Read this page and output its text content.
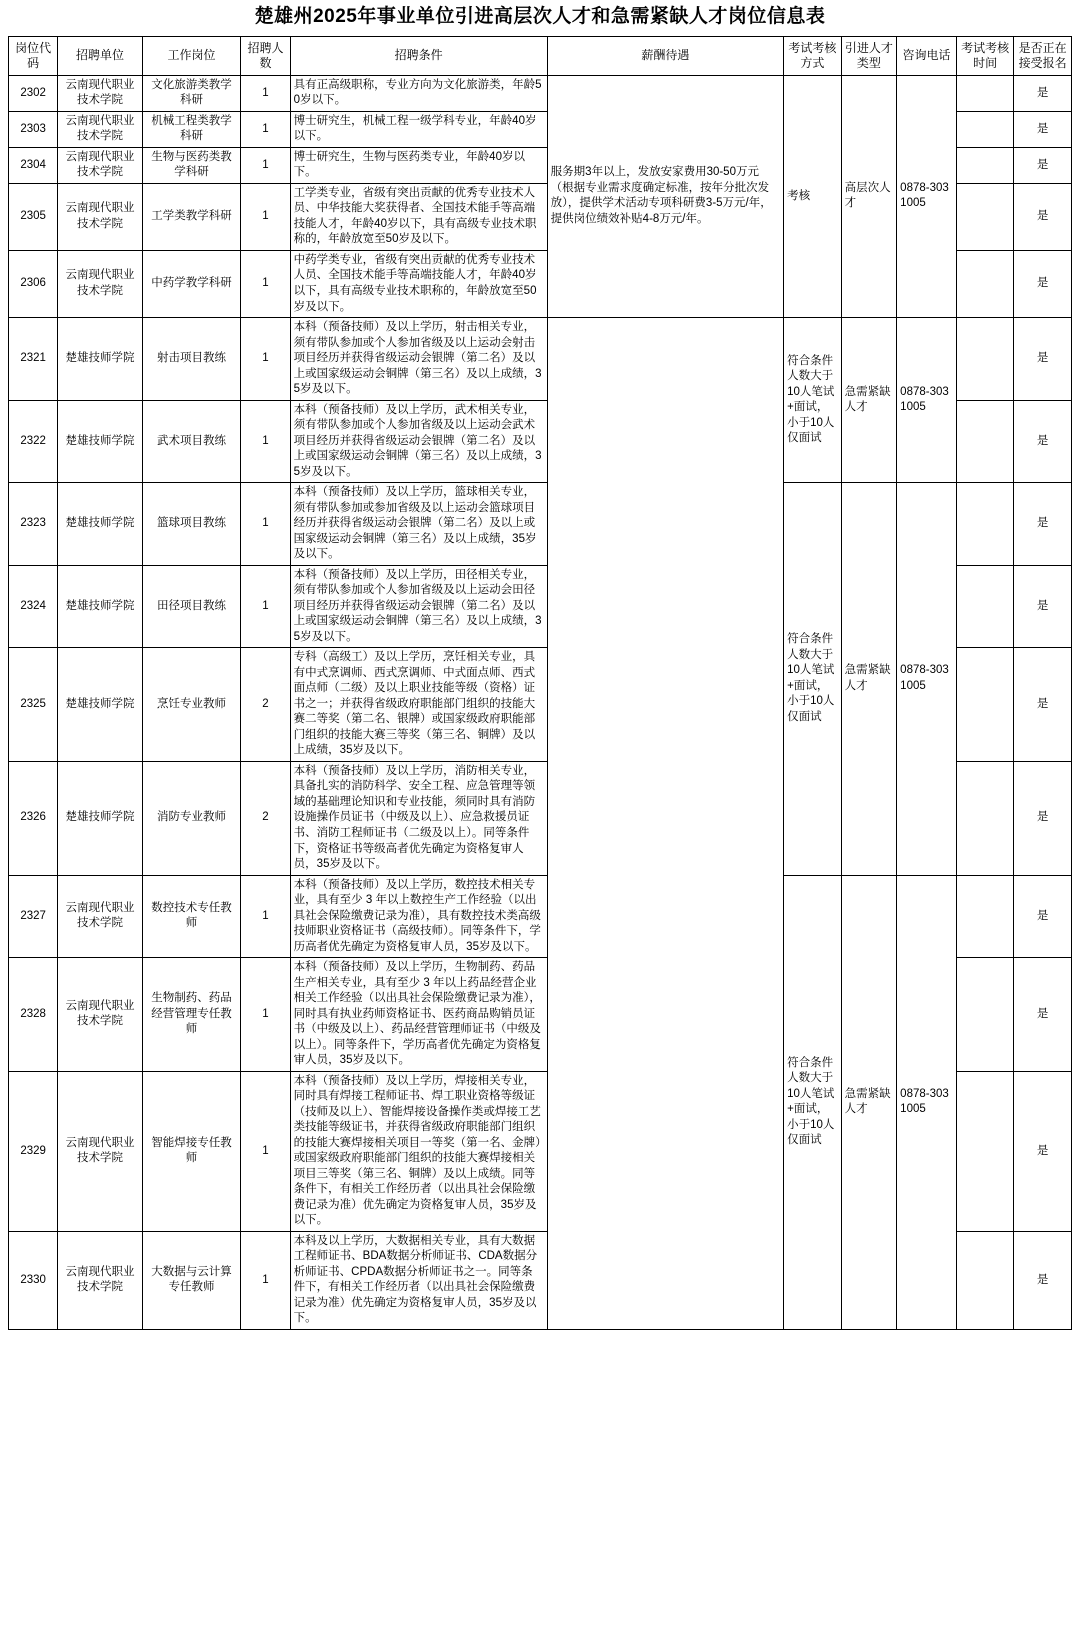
楚雄州2025年事业单位引进高层次人才和急需紧缺人才岗位信息表
岗位代码	招聘单位	工作岗位	招聘人数	招聘条件	薪酬待遇	考试考核方式	引进人才类型	咨询电话	考试考核时间	是否正在接受报名
2302	云南现代职业技术学院	文化旅游类教学科研	1	具有正高级职称，专业方向为文化旅游类，年龄50岁以下。	服务期3年以上，发放安家费用30-50万元（根据专业需求度确定标准，按年分批次发放），提供学术活动专项科研费3-5万元/年，提供岗位绩效补贴4-8万元/年。	考核	高层次人才	0878-3031005		是
2303	云南现代职业技术学院	机械工程类教学科研	1	博士研究生，机械工程一级学科专业，年龄40岁以下。						是
2304	云南现代职业技术学院	生物与医药类教学科研	1	博士研究生，生物与医药类专业，年龄40岁以下。						是
2305	云南现代职业技术学院	工学类教学科研	1	工学类专业，省级有突出贡献的优秀专业技术人员、中华技能大奖获得者、全国技术能手等高端技能人才，年龄40岁以下，具有高级专业技术职称的，年龄放宽至50岁及以下。						是
2306	云南现代职业技术学院	中药学教学科研	1	中药学类专业，省级有突出贡献的优秀专业技术人员、全国技术能手等高端技能人才，年龄40岁以下，具有高级专业技术职称的，年龄放宽至50岁及以下。						是
2321	楚雄技师学院	射击项目教练	1	本科（预备技师）及以上学历，射击相关专业，须有带队参加或个人参加省级及以上运动会射击项目经历并获得省级运动会银牌（第二名）及以上或国家级运动会铜牌（第三名）及以上成绩，35岁及以下。		符合条件人数大于10人笔试+面试，小于10人仅面试	急需紧缺人才	0878-3031005		是
2322	楚雄技师学院	武术项目教练	1	本科（预备技师）及以上学历，武术相关专业，须有带队参加或个人参加省级及以上运动会武术项目经历并获得省级运动会银牌（第二名）及以上或国家级运动会铜牌（第三名）及以上成绩，35岁及以下。						是
2323	楚雄技师学院	篮球项目教练	1	本科（预备技师）及以上学历，篮球相关专业，须有带队参加或参加省级及以上运动会篮球项目经历并获得省级运动会银牌（第二名）及以上或国家级运动会铜牌（第三名）及以上成绩，35岁及以下。		符合条件人数大于10人笔试+面试，小于10人仅面试	急需紧缺人才	0878-3031005		是
2324	楚雄技师学院	田径项目教练	1	本科（预备技师）及以上学历，田径相关专业，须有带队参加或个人参加省级及以上运动会田径项目经历并获得省级运动会银牌（第二名）及以上或国家级运动会铜牌（第三名）及以上成绩，35岁及以下。						是
2325	楚雄技师学院	烹饪专业教师	2	专科（高级工）及以上学历，烹饪相关专业，具有中式烹调师、西式烹调师、中式面点师、西式面点师（二级）及以上职业技能等级（资格）证书之一；并获得省级政府职能部门组织的技能大赛二等奖（第二名、银牌）或国家级政府职能部门组织的技能大赛三等奖（第三名、铜牌）及以上成绩，35岁及以下。						是
2326	楚雄技师学院	消防专业教师	2	本科（预备技师）及以上学历，消防相关专业，具备扎实的消防科学、安全工程、应急管理等领域的基础理论知识和专业技能，须同时具有消防设施操作员证书（中级及以上）、应急救援员证书、消防工程师证书（二级及以上）。同等条件下，资格证书等级高者优先确定为资格复审人员，35岁及以下。						是
2327	云南现代职业技术学院	数控技术专任教师	1	本科（预备技师）及以上学历，数控技术相关专业，具有至少 3 年以上数控生产工作经验（以出具社会保险缴费记录为准），具有数控技术类高级技师职业资格证书（高级技师）。同等条件下，学历高者优先确定为资格复审人员，35岁及以下。		符合条件人数大于10人笔试+面试，小于10人仅面试	急需紧缺人才	0878-3031005		是
2328	云南现代职业技术学院	生物制药、药品经营管理专任教师	1	本科（预备技师）及以上学历，生物制药、药品生产相关专业，具有至少 3 年以上药品经营企业相关工作经验（以出具社会保险缴费记录为准），同时具有执业药师资格证书、医药商品购销员证书（中级及以上）、药品经营管理师证书（中级及以上）。同等条件下，学历高者优先确定为资格复审人员，35岁及以下。						是
2329	云南现代职业技术学院	智能焊接专任教师	1	本科（预备技师）及以上学历，焊接相关专业，同时具有焊接工程师证书、焊工职业资格等级证（技师及以上）、智能焊接设备操作类或焊接工艺类技能等级证书，并获得省级政府职能部门组织的技能大赛焊接相关项目一等奖（第一名、金牌）或国家级政府职能部门组织的技能大赛焊接相关项目三等奖（第三名、铜牌）及以上成绩。同等条件下，有相关工作经历者（以出具社会保险缴费记录为准）优先确定为资格复审人员，35岁及以下。						是
2330	云南现代职业技术学院	大数据与云计算专任教师	1	本科及以上学历，大数据相关专业，具有大数据工程师证书、BDA数据分析师证书、CDA数据分析师证书、CPDA数据分析师证书之一。同等条件下，有相关工作经历者（以出具社会保险缴费记录为准）优先确定为资格复审人员，35岁及以下。						是
